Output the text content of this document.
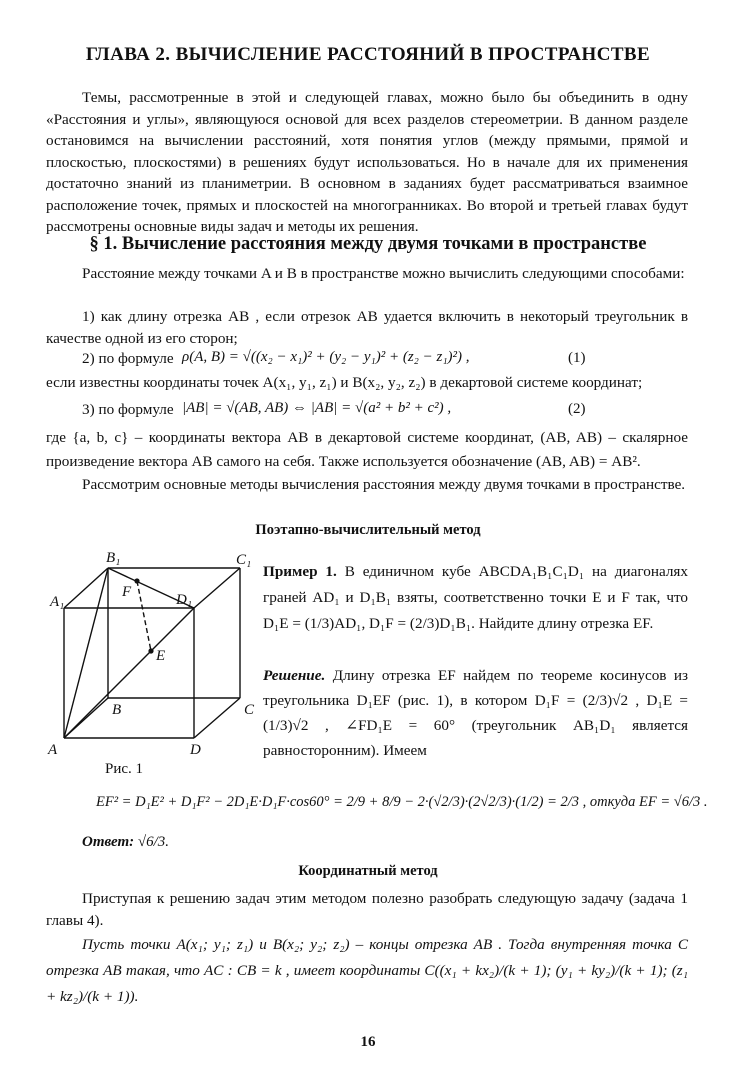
ГЛАВА 2. ВЫЧИСЛЕНИЕ РАССТОЯНИЙ В ПРОСТРАНСТВЕ

Темы, рассмотренные в этой и следующей главах, можно было бы объединить в одну «Расстояния и углы», являющуюся основой для всех разделов стереометрии. В данном разделе остановимся на вычислении расстояний, хотя понятия углов (между прямыми, прямой и плоскостью, плоскостями) в решениях будут использоваться. Но в начале для их применения достаточно знаний из планиметрии. В основном в заданиях будет рассматриваться взаимное расположение точек, прямых и плоскостей на многогранниках. Во второй и третьей главах будут рассмотрены основные виды задач и методы их решения.

§ 1. Вычисление расстояния между двумя точками в пространстве

Расстояние между точками A и B в пространстве можно вычислить следующими способами:

1) как длину отрезка AB , если отрезок AB удается включить в некоторый треугольник в качестве одной из его сторон;

2) по формуле ρ(A, B) = √((x₂ − x₁)² + (y₂ − y₁)² + (z₂ − z₁)²) ,	(1)

если известны координаты точек A(x₁, y₁, z₁) и B(x₂, y₂, z₂) в декартовой системе координат;

3) по формуле |AB| = √(AB, AB) ⇔ |AB| = √(a² + b² + c²) ,	(2)

где {a, b, c} – координаты вектора AB в декартовой системе координат, (AB, AB) – скалярное произведение вектора AB самого на себя. Также используется обозначение (AB, AB) = AB².

Рассмотрим основные методы вычисления расстояния между двумя точками в пространстве.

Поэтапно-вычислительный метод
A
B	C
D
A₁
B₁	C₁
D₁
E
F
Рис. 1

Пример 1. В единичном кубе ABCDA₁B₁C₁D₁ на диагоналях граней AD₁ и D₁B₁ взяты, соответственно точки E и F так, что D₁E = (1/3)AD₁, D₁F = (2/3)D₁B₁. Найдите длину отрезка EF.

Решение. Длину отрезка EF найдем по теореме косинусов из треугольника D₁EF (рис. 1), в котором D₁F = (2/3)√2 , D₁E = (1/3)√2 , ∠FD₁E = 60° (треугольник AB₁D₁ является равносторонним). Имеем

EF² = D₁E² + D₁F² − 2D₁E·D₁F·cos60° = 2/9 + 8/9 − 2·(√2/3)·(2√2/3)·(1/2) = 2/3 , откуда EF = √6/3 .
Ответ: √6/3.
Координатный метод

Приступая к решению задач этим методом полезно разобрать следующую задачу (задача 1 главы 4).

Пусть точки A(x₁; y₁; z₁) и B(x₂; y₂; z₂) – концы отрезка AB . Тогда внутренняя точка C отрезка AB такая, что AC : CB = k , имеет координаты C((x₁ + kx₂)/(k + 1); (y₁ + ky₂)/(k + 1); (z₁ + kz₂)/(k + 1)).

16
